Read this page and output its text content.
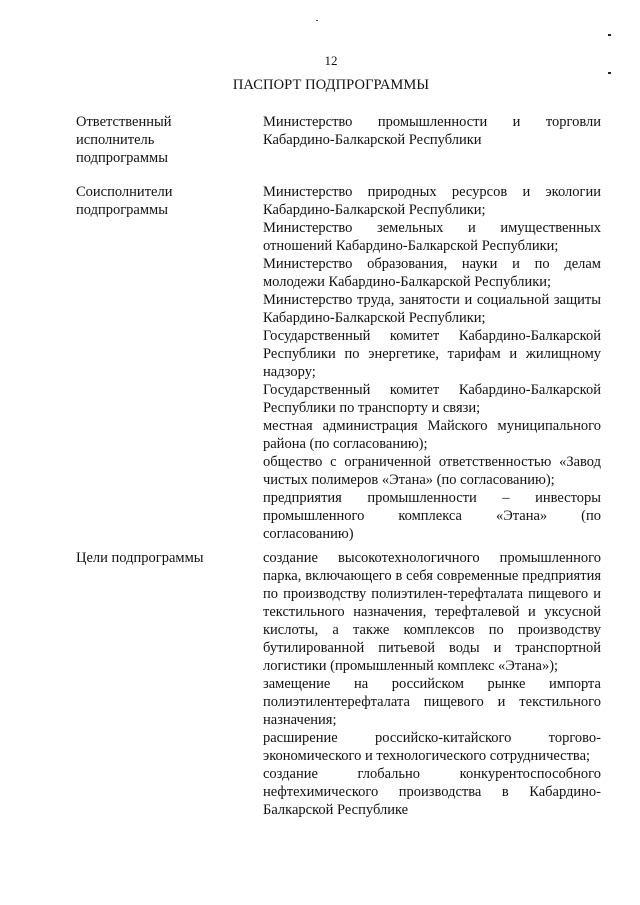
12
ПАСПОРТ ПОДПРОГРАММЫ
Ответственный исполнитель подпрограммы
Министерство промышленности и торговли Кабардино-Балкарской Республики
Соисполнители подпрограммы
Министерство природных ресурсов и экологии Кабардино-Балкарской Республики;
Министерство земельных и имущественных отношений Кабардино-Балкарской Республики;
Министерство образования, науки и по делам молодежи Кабардино-Балкарской Республики;
Министерство труда, занятости и социальной защиты Кабардино-Балкарской Республики;
Государственный комитет Кабардино-Балкарской Республики по энергетике, тарифам и жилищному надзору;
Государственный комитет Кабардино-Балкарской Республики по транспорту и связи;
местная администрация Майского муниципального района (по согласованию);
общество с ограниченной ответственностью «Завод чистых полимеров «Этана» (по согласованию);
предприятия промышленности – инвесторы промышленного комплекса «Этана» (по согласованию)
Цели подпрограммы	создание высокотехнологичного промышленного парка, включающего в себя современные предприятия по производству полиэтилен-терефталата пищевого и текстильного назначения, терефталевой и уксусной кислоты, а также комплексов по производству бутилированной питьевой воды и транспортной логистики (промышленный комплекс «Этана»);
замещение на российском рынке импорта полиэтилентерефталата пищевого и текстильного назначения;
расширение российско-китайского торгово-экономического и технологического сотрудничества;
создание глобально конкурентоспособного нефтехимического производства в Кабардино-Балкарской Республике
